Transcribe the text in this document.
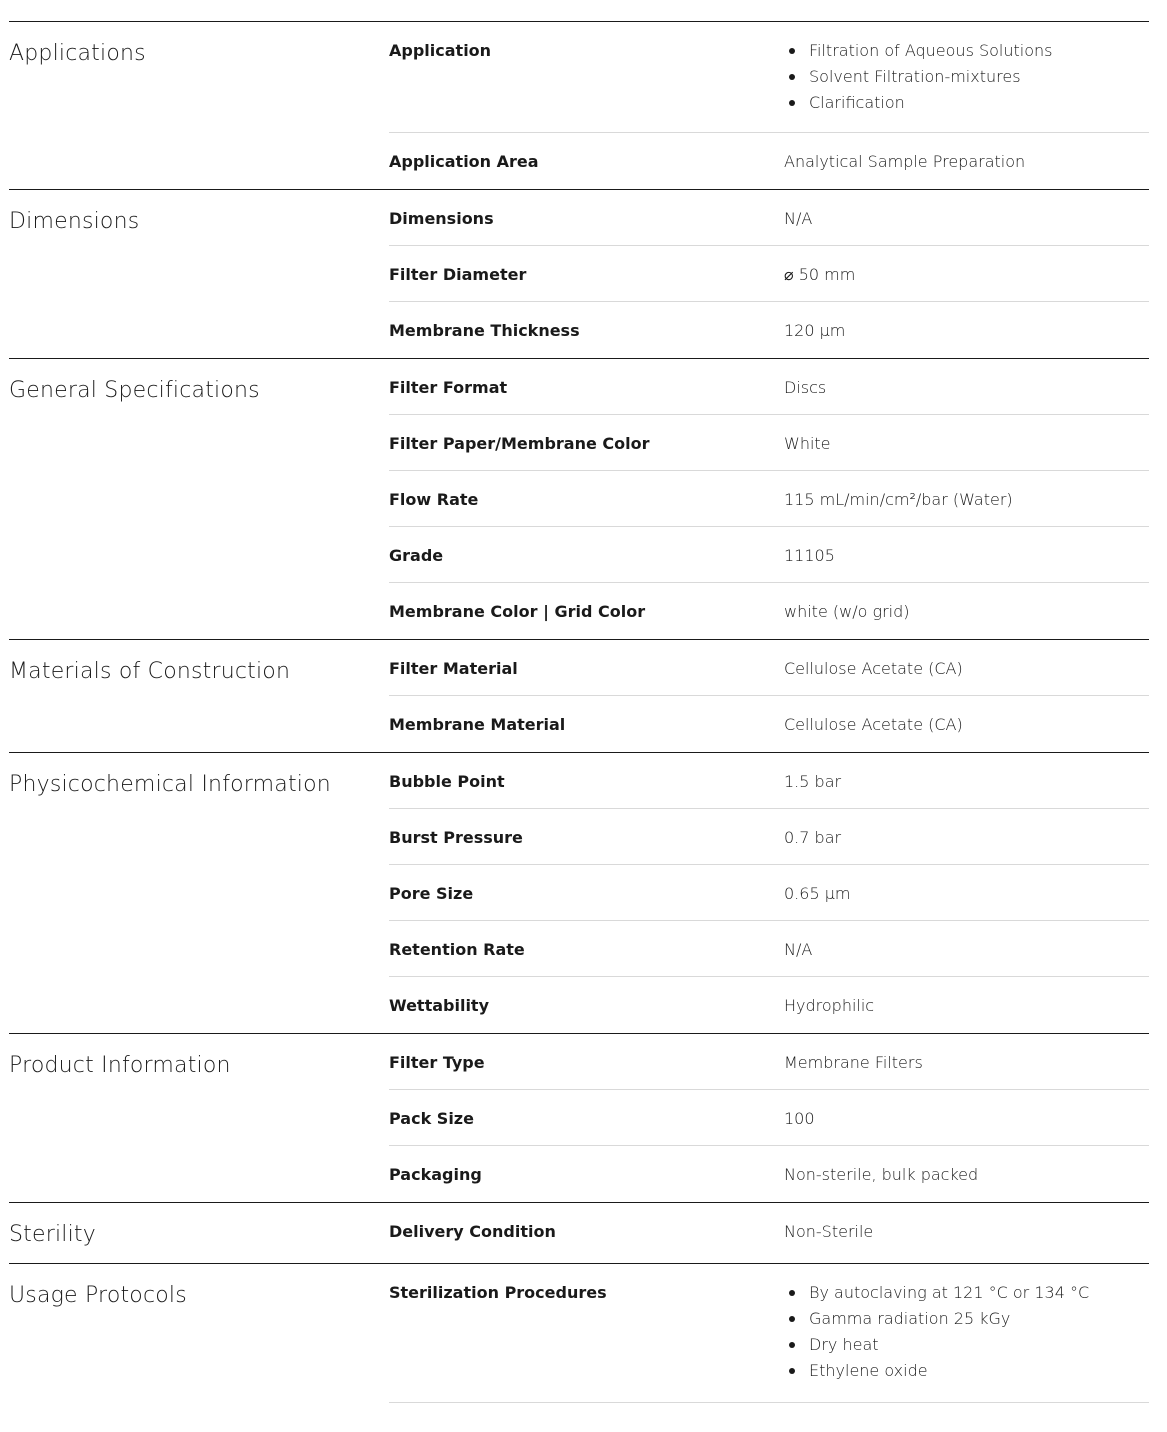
Applications	Application	Filtration of Aqueous Solutions
Solvent Filtration-mixtures
Clarification
Application Area	Analytical Sample Preparation
Dimensions	Dimensions	N/A
Filter Diameter	⌀ 50 mm
Membrane Thickness	120 µm
General Specifications	Filter Format	Discs
Filter Paper/Membrane Color	White
Flow Rate	115 mL/min/cm²/bar (Water)
Grade	11105
Membrane Color | Grid Color	white (w/o grid)
Materials of Construction	Filter Material	Cellulose Acetate (CA)
Membrane Material	Cellulose Acetate (CA)
Physicochemical Information	Bubble Point	1.5 bar
Burst Pressure	0.7 bar
Pore Size	0.65 µm
Retention Rate	N/A
Wettability	Hydrophilic
Product Information	Filter Type	Membrane Filters
Pack Size	100
Packaging	Non-sterile, bulk packed
Sterility	Delivery Condition	Non-Sterile
Usage Protocols	Sterilization Procedures	By autoclaving at 121 °C or 134 °C
Gamma radiation 25 kGy
Dry heat
Ethylene oxide
